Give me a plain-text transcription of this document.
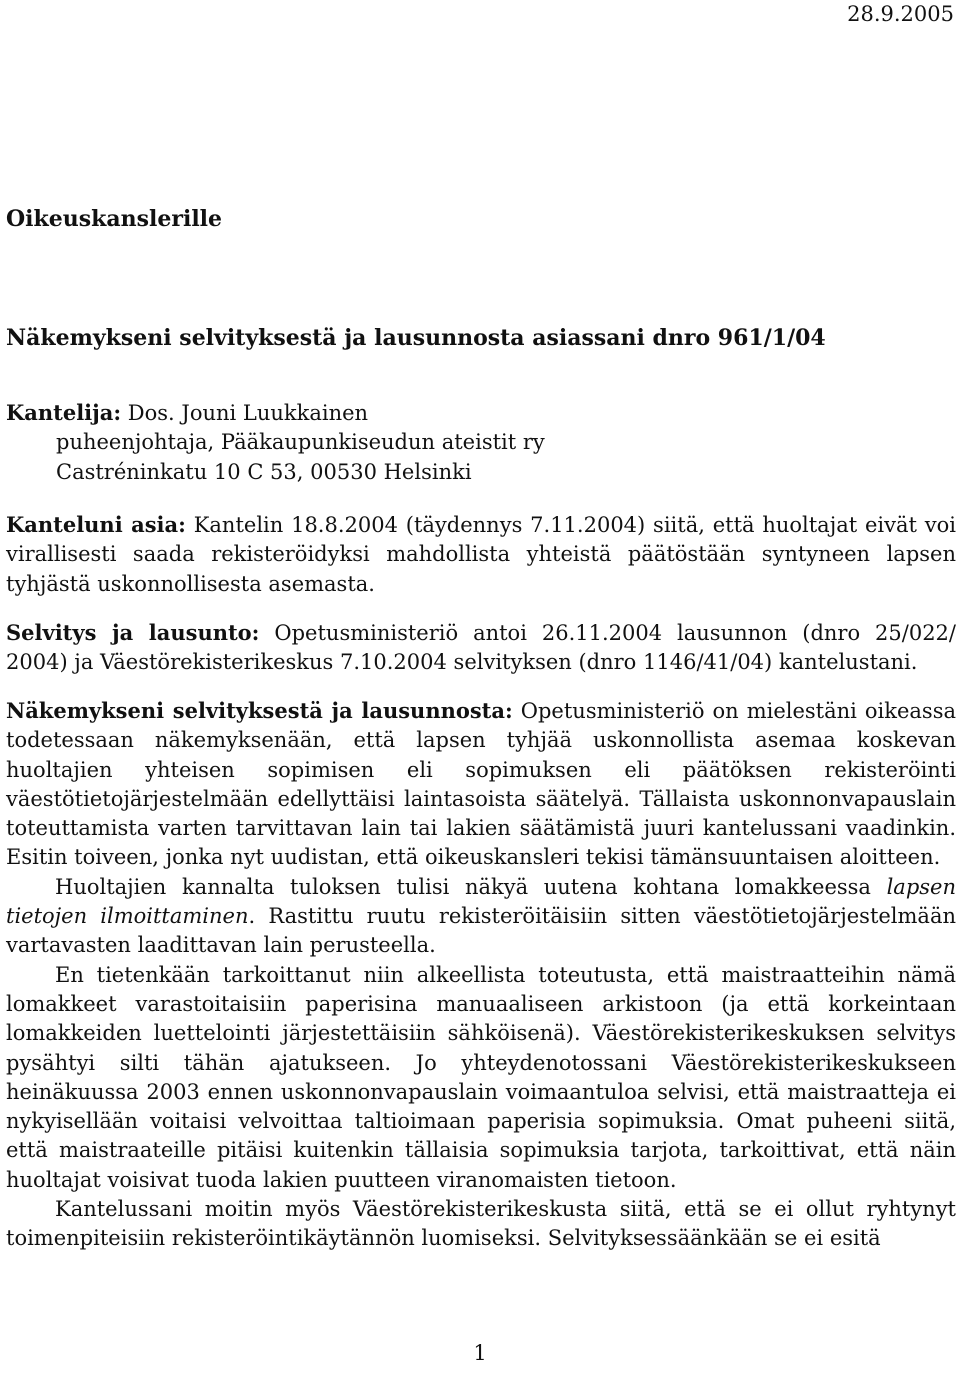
28.9.2005
Oikeuskanslerille
Näkemykseni selvityksestä ja lausunnosta asiassani dnro 961/1/04

Kantelija: Dos. Jouni Luukkainen
puheenjohtaja, Pääkaupunkiseudun ateistit ry
Castréninkatu 10 C 53, 00530 Helsinki

Kanteluni asia: Kantelin 18.8.2004 (täydennys 7.11.2004) siitä, että huoltajat eivät voi virallisesti saada rekisteröidyksi mahdollista yhteistä päätöstään syntyneen lapsen tyhjästä uskonnollisesta asemasta.

Selvitys ja lausunto: Opetusministeriö antoi 26.11.2004 lausunnon (dnro 25/022/ 2004) ja Väestörekisterikeskus 7.10.2004 selvityksen (dnro 1146/41/04) kantelustani.

Näkemykseni selvityksestä ja lausunnosta: Opetusministeriö on mielestäni oikeassa todetessaan näkemyksenään, että lapsen tyhjää uskonnollista asemaa koskevan huoltajien yhteisen sopimisen eli sopimuksen eli päätöksen rekisteröinti väestötietojärjestelmään edellyttäisi laintasoista säätelyä. Tällaista uskonnonvapauslain toteuttamista varten tarvittavan lain tai lakien säätämistä juuri kantelussani vaadinkin. Esitin toiveen, jonka nyt uudistan, että oikeuskansleri tekisi tämänsuuntaisen aloitteen.

Huoltajien kannalta tuloksen tulisi näkyä uutena kohtana lomakkeessa lapsen tietojen ilmoittaminen. Rastittu ruutu rekisteröitäisiin sitten väestötietojärjestelmään vartavasten laadittavan lain perusteella.

En tietenkään tarkoittanut niin alkeellista toteutusta, että maistraatteihin nämä lomakkeet varastoitaisiin paperisina manuaaliseen arkistoon (ja että korkeintaan lomakkeiden luettelointi järjestettäisiin sähköisenä). Väestörekisterikeskuksen selvitys pysähtyi silti tähän ajatukseen. Jo yhteydenotossani Väestörekisterikeskukseen heinäkuussa 2003 ennen uskonnonvapauslain voimaantuloa selvisi, että maistraatteja ei nykyisellään voitaisi velvoittaa taltioimaan paperisia sopimuksia. Omat puheeni siitä, että maistraateille pitäisi kuitenkin tällaisia sopimuksia tarjota, tarkoittivat, että näin huoltajat voisivat tuoda lakien puutteen viranomaisten tietoon.

Kantelussani moitin myös Väestörekisterikeskusta siitä, että se ei ollut ryhtynyt toimenpiteisiin rekisteröintikäytännön luomiseksi. Selvityksessäänkään se ei esitä

1
